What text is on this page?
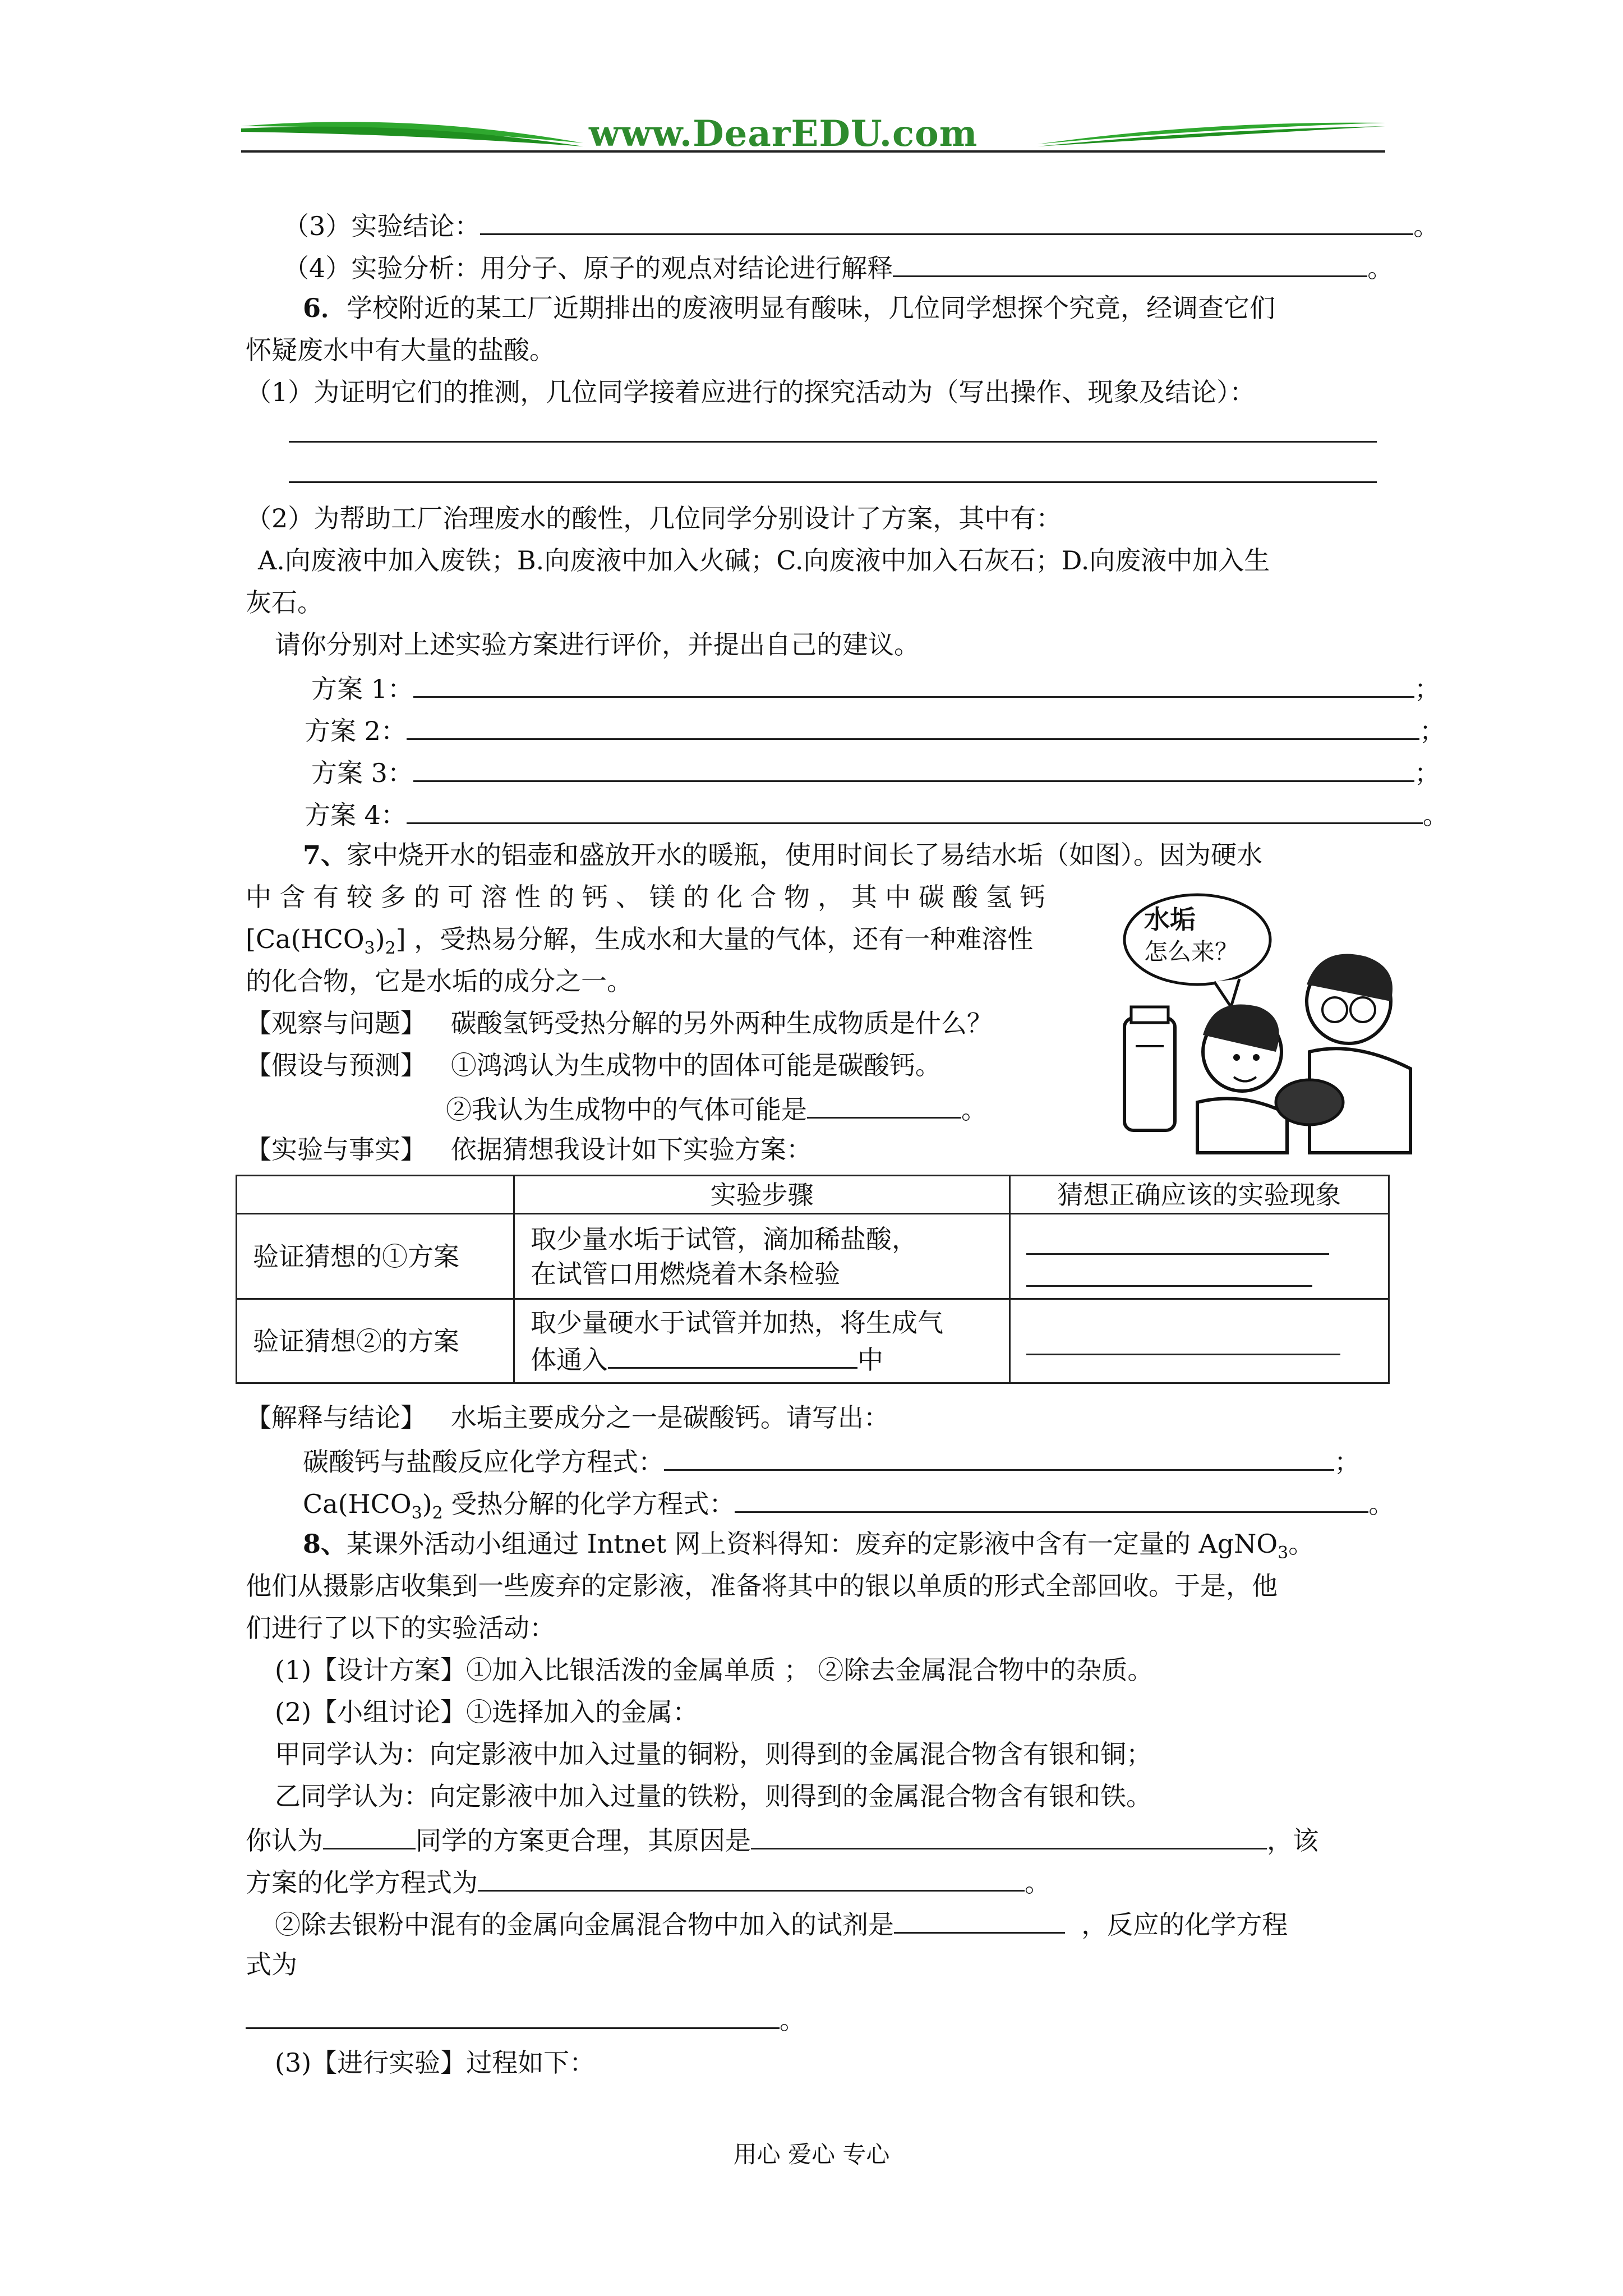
www.DearEDU.com
（3）实验结论：	。
（4）实验分析：用分子、原子的观点对结论进行解释	。
6．学校附近的某工厂近期排出的废液明显有酸味，几位同学想探个究竟，经调查它们
怀疑废水中有大量的盐酸。
（1）为证明它们的推测，几位同学接着应进行的探究活动为（写出操作、现象及结论）：
（2）为帮助工厂治理废水的酸性，几位同学分别设计了方案，其中有：
A.向废液中加入废铁；B.向废液中加入火碱；C.向废液中加入石灰石；D.向废液中加入生
灰石。
请你分别对上述实验方案进行评价，并提出自己的建议。
方案 1：	；
方案 2：	；
方案 3：	；
方案 4：	。
7、家中烧开水的铝壶和盛放开水的暖瓶，使用时间长了易结水垢（如图）。因为硬水
中含有较多的可溶性的钙、镁的化合物，其中碳酸氢钙
$[Ca(HCO_3)_2]$ ，受热易分解，生成水和大量的气体，还有一种难溶性
的化合物，它是水垢的成分之一。
水垢
怎么来？
【观察与问题】 碳酸氢钙受热分解的另外两种生成物质是什么？
【假设与预测】 ①鸿鸿认为生成物中的固体可能是碳酸钙。
②我认为生成物中的气体可能是	。
【实验与事实】 依据猜想我设计如下实验方案：
	实验步骤	猜想正确应该的实验现象
验证猜想的①方案	取少量水垢于试管，滴加稀盐酸，
在试管口用燃烧着木条检验	

验证猜想②的方案	取少量硬水于试管并加热，将生成气
体通入 中	

【解释与结论】 水垢主要成分之一是碳酸钙。请写出：
碳酸钙与盐酸反应化学方程式：	；
$Ca(HCO_3)_2$ 受热分解的化学方程式：	。
8、某课外活动小组通过 Intnet 网上资料得知：废弃的定影液中含有一定量的 AgNO$_3$。
他们从摄影店收集到一些废弃的定影液，准备将其中的银以单质的形式全部回收。于是，他
们进行了以下的实验活动：
(1)【设计方案】①加入比银活泼的金属单质 ； ②除去金属混合物中的杂质。
(2)【小组讨论】①选择加入的金属：
甲同学认为：向定影液中加入过量的铜粉，则得到的金属混合物含有银和铜；
乙同学认为：向定影液中加入过量的铁粉，则得到的金属混合物含有银和铁。
你认为	同学的方案更合理，其原因是	，该
方案的化学方程式为	。
②除去银粉中混有的金属向金属混合物中加入的试剂是	，反应的化学方程
式为
。
(3)【进行实验】过程如下：
用心 爱心 专心
